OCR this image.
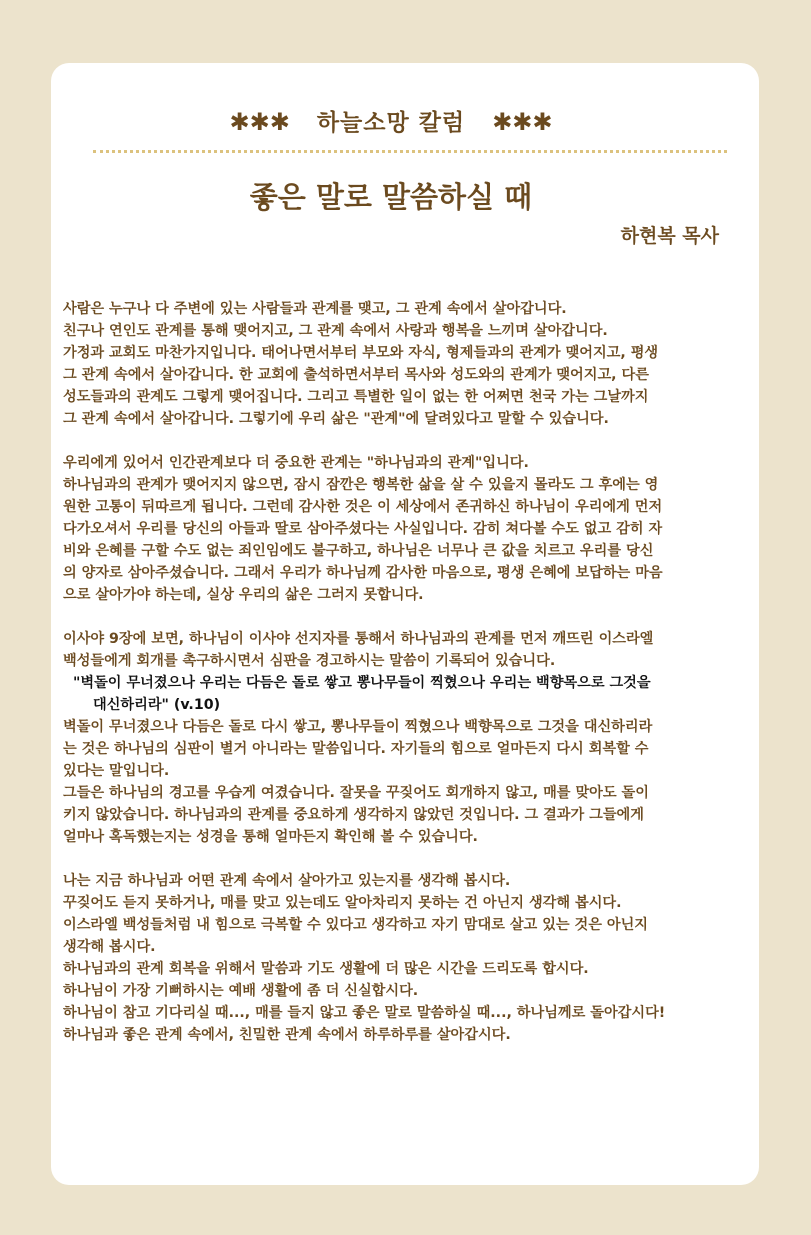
✱✱✱ 하늘소망 칼럼 ✱✱✱
좋은 말로 말씀하실 때
하현복 목사

사람은 누구나 다 주변에 있는 사람들과 관계를 맺고, 그 관계 속에서 살아갑니다.

친구나 연인도 관계를 통해 맺어지고, 그 관계 속에서 사랑과 행복을 느끼며 살아갑니다.

가정과 교회도 마찬가지입니다. 태어나면서부터 부모와 자식, 형제들과의 관계가 맺어지고, 평생

그 관계 속에서 살아갑니다. 한 교회에 출석하면서부터 목사와 성도와의 관계가 맺어지고, 다른

성도들과의 관계도 그렇게 맺어집니다. 그리고 특별한 일이 없는 한 어쩌면 천국 가는 그날까지

그 관계 속에서 살아갑니다. 그렇기에 우리 삶은 "관계"에 달려있다고 말할 수 있습니다.

우리에게 있어서 인간관계보다 더 중요한 관계는 "하나님과의 관계"입니다.

하나님과의 관계가 맺어지지 않으면, 잠시 잠깐은 행복한 삶을 살 수 있을지 몰라도 그 후에는 영

원한 고통이 뒤따르게 됩니다. 그런데 감사한 것은 이 세상에서 존귀하신 하나님이 우리에게 먼저

다가오셔서 우리를 당신의 아들과 딸로 삼아주셨다는 사실입니다. 감히 쳐다볼 수도 없고 감히 자

비와 은혜를 구할 수도 없는 죄인임에도 불구하고, 하나님은 너무나 큰 값을 치르고 우리를 당신

의 양자로 삼아주셨습니다. 그래서 우리가 하나님께 감사한 마음으로, 평생 은혜에 보답하는 마음

으로 살아가야 하는데, 실상 우리의 삶은 그러지 못합니다.

이사야 9장에 보면, 하나님이 이사야 선지자를 통해서 하나님과의 관계를 먼저 깨뜨린 이스라엘

백성들에게 회개를 촉구하시면서 심판을 경고하시는 말씀이 기록되어 있습니다.

"벽돌이 무너졌으나 우리는 다듬은 돌로 쌓고 뽕나무들이 찍혔으나 우리는 백향목으로 그것을
대신하리라" (v.10)

벽돌이 무너졌으나 다듬은 돌로 다시 쌓고, 뽕나무들이 찍혔으나 백향목으로 그것을 대신하리라

는 것은 하나님의 심판이 별거 아니라는 말씀입니다. 자기들의 힘으로 얼마든지 다시 회복할 수

있다는 말입니다.

그들은 하나님의 경고를 우습게 여겼습니다. 잘못을 꾸짖어도 회개하지 않고, 매를 맞아도 돌이

키지 않았습니다. 하나님과의 관계를 중요하게 생각하지 않았던 것입니다. 그 결과가 그들에게

얼마나 혹독했는지는 성경을 통해 얼마든지 확인해 볼 수 있습니다.

나는 지금 하나님과 어떤 관계 속에서 살아가고 있는지를 생각해 봅시다.

꾸짖어도 듣지 못하거나, 매를 맞고 있는데도 알아차리지 못하는 건 아닌지 생각해 봅시다.

이스라엘 백성들처럼 내 힘으로 극복할 수 있다고 생각하고 자기 맘대로 살고 있는 것은 아닌지

생각해 봅시다.

하나님과의 관계 회복을 위해서 말씀과 기도 생활에 더 많은 시간을 드리도록 합시다.

하나님이 가장 기뻐하시는 예배 생활에 좀 더 신실합시다.

하나님이 참고 기다리실 때..., 매를 들지 않고 좋은 말로 말씀하실 때..., 하나님께로 돌아갑시다!

하나님과 좋은 관계 속에서, 친밀한 관계 속에서 하루하루를 살아갑시다.
